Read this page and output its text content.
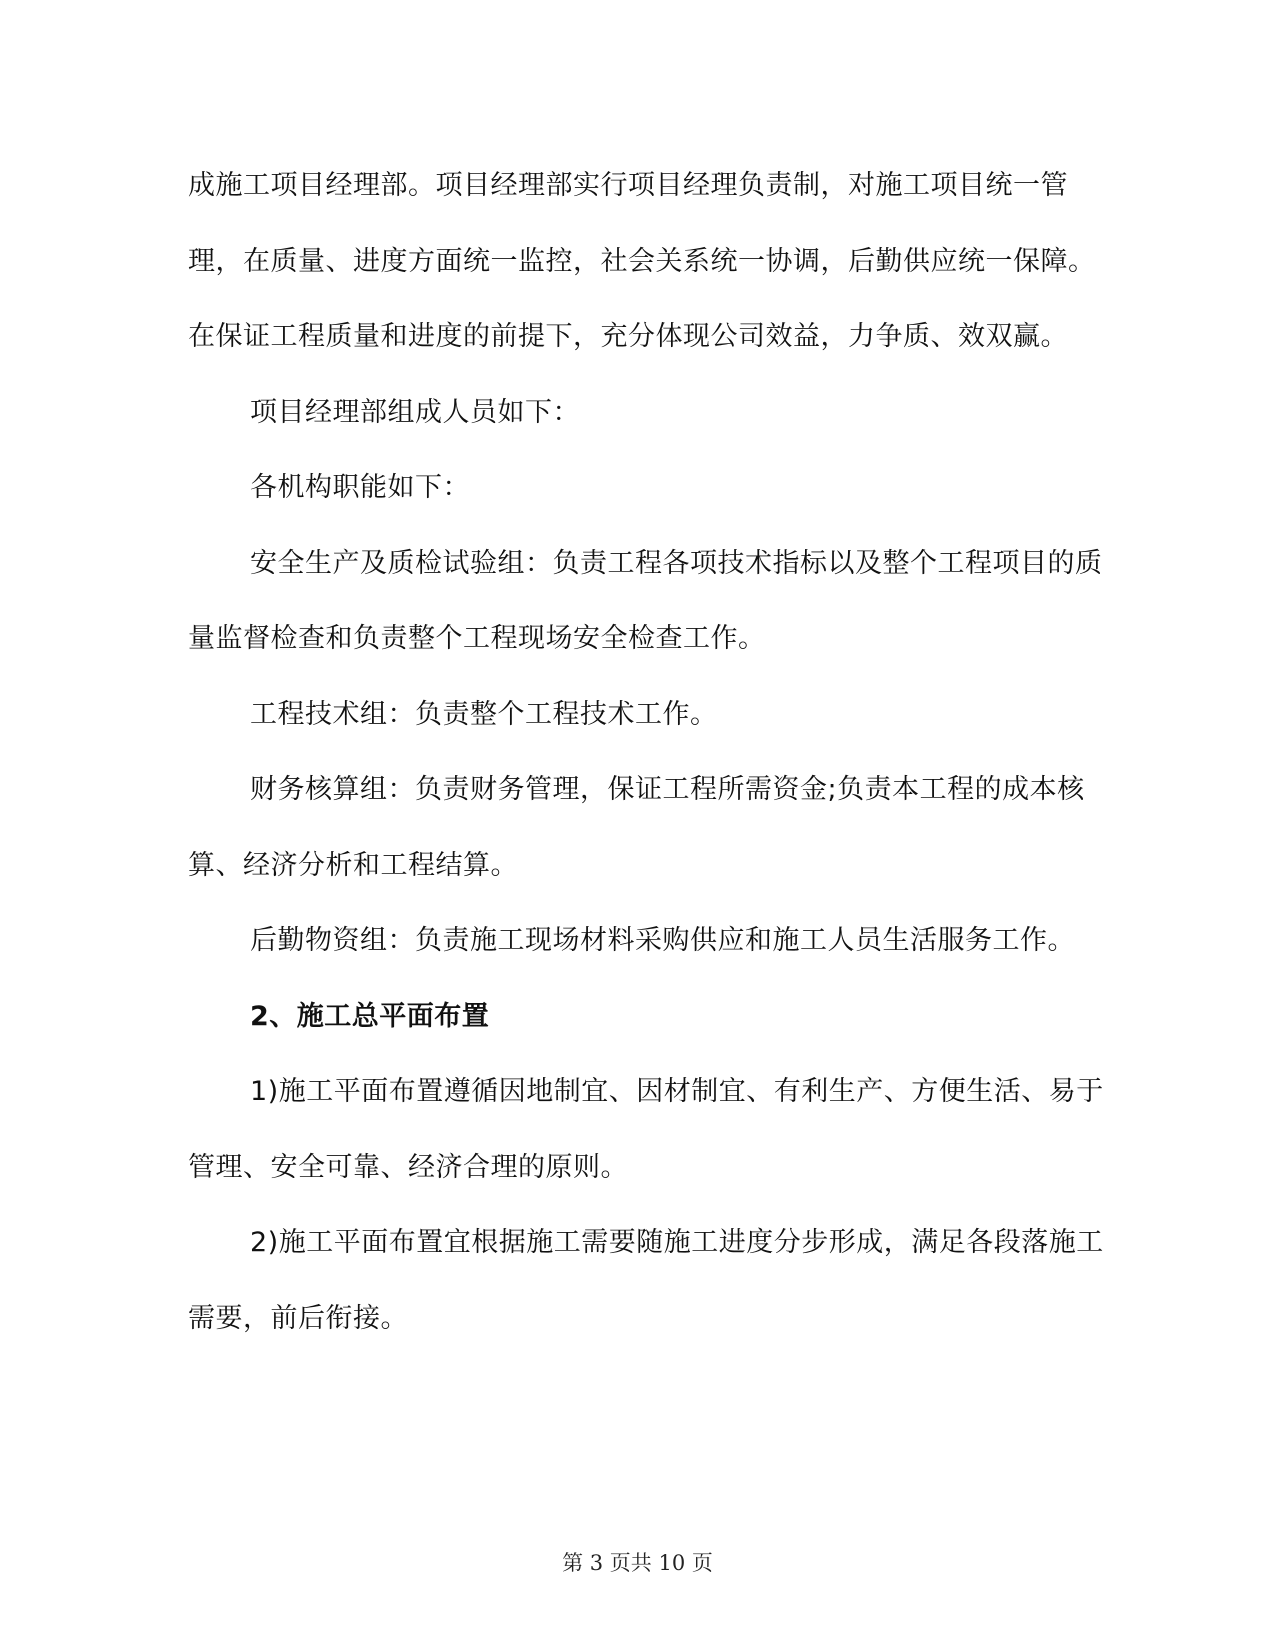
成施工项目经理部。项目经理部实行项目经理负责制，对施工项目统一管理，在质量、进度方面统一监控，社会关系统一协调，后勤供应统一保障。在保证工程质量和进度的前提下，充分体现公司效益，力争质、效双赢。

项目经理部组成人员如下：

各机构职能如下：

安全生产及质检试验组：负责工程各项技术指标以及整个工程项目的质量监督检查和负责整个工程现场安全检查工作。

工程技术组：负责整个工程技术工作。

财务核算组：负责财务管理，保证工程所需资金;负责本工程的成本核算、经济分析和工程结算。

后勤物资组：负责施工现场材料采购供应和施工人员生活服务工作。

2、施工总平面布置

1)施工平面布置遵循因地制宜、因材制宜、有利生产、方便生活、易于管理、安全可靠、经济合理的原则。

2)施工平面布置宜根据施工需要随施工进度分步形成，满足各段落施工需要，前后衔接。

第 3 页共 10 页
